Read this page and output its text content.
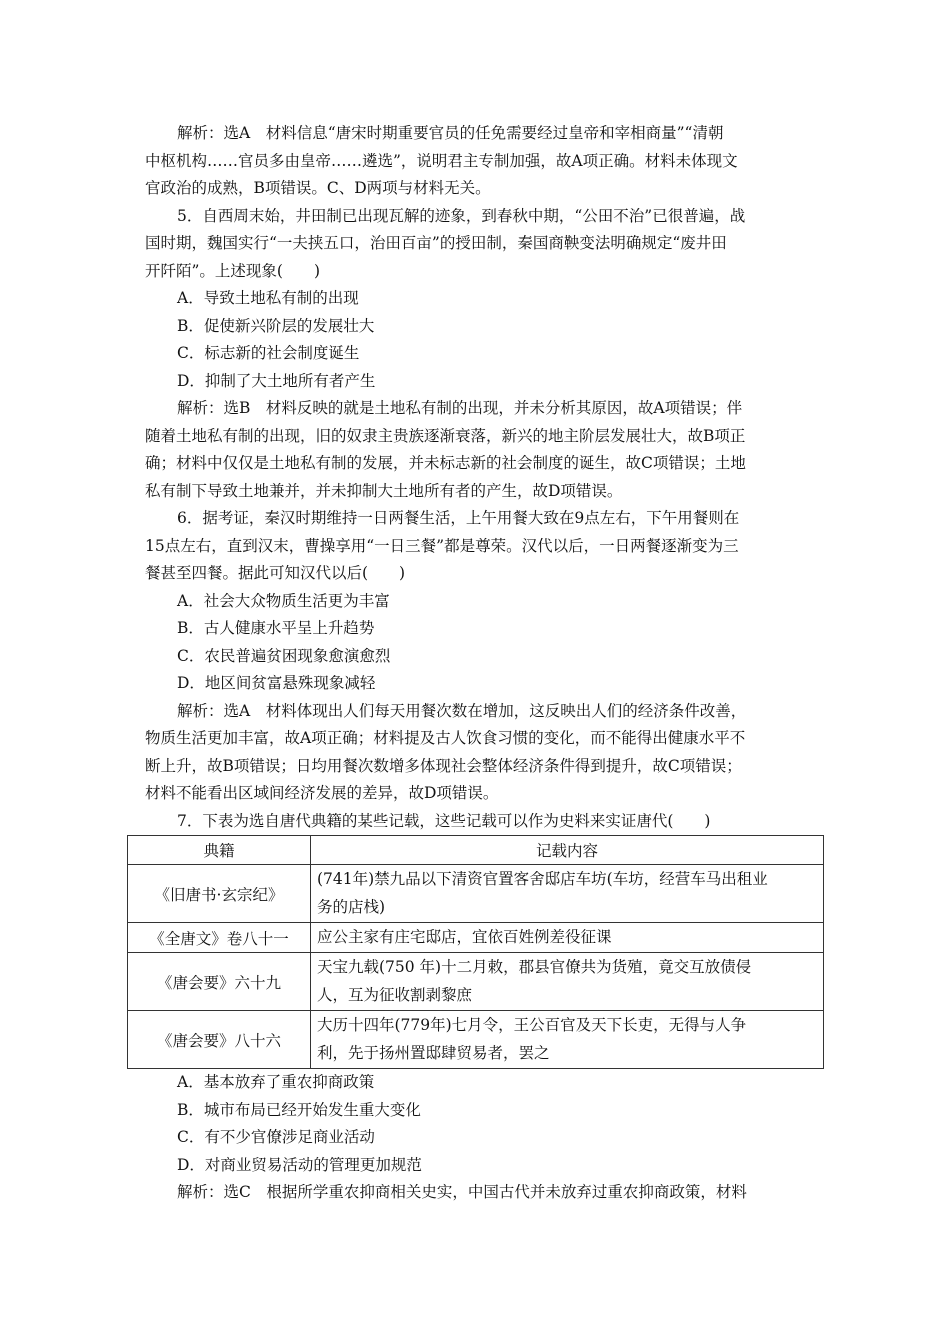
解析：选A　材料信息“唐宋时期重要官员的任免需要经过皇帝和宰相商量”“清朝
中枢机构……官员多由皇帝……遴选”，说明君主专制加强，故A项正确。材料未体现文
官政治的成熟，B项错误。C、D两项与材料无关。
5．自西周末始，井田制已出现瓦解的迹象，到春秋中期，“公田不治”已很普遍，战
国时期，魏国实行“一夫挟五口，治田百亩”的授田制，秦国商鞅变法明确规定“废井田
开阡陌”。上述现象(　　)
A．导致土地私有制的出现
B．促使新兴阶层的发展壮大
C．标志新的社会制度诞生
D．抑制了大土地所有者产生
解析：选B　材料反映的就是土地私有制的出现，并未分析其原因，故A项错误；伴
随着土地私有制的出现，旧的奴隶主贵族逐渐衰落，新兴的地主阶层发展壮大，故B项正
确；材料中仅仅是土地私有制的发展，并未标志新的社会制度的诞生，故C项错误；土地
私有制下导致土地兼并，并未抑制大土地所有者的产生，故D项错误。
6．据考证，秦汉时期维持一日两餐生活，上午用餐大致在9点左右，下午用餐则在
15点左右，直到汉末，曹操享用“一日三餐”都是尊荣。汉代以后，一日两餐逐渐变为三
餐甚至四餐。据此可知汉代以后(　　)
A．社会大众物质生活更为丰富
B．古人健康水平呈上升趋势
C．农民普遍贫困现象愈演愈烈
D．地区间贫富悬殊现象减轻
解析：选A　材料体现出人们每天用餐次数在增加，这反映出人们的经济条件改善，
物质生活更加丰富，故A项正确；材料提及古人饮食习惯的变化，而不能得出健康水平不
断上升，故B项错误；日均用餐次数增多体现社会整体经济条件得到提升，故C项错误；
材料不能看出区域间经济发展的差异，故D项错误。
7．下表为选自唐代典籍的某些记载，这些记载可以作为史料来实证唐代(　　)
典籍	记载内容
《旧唐书·玄宗纪》	(741年)禁九品以下清资官置客舍邸店车坊(车坊，经营车马出租业
务的店栈)

《全唐文》卷八十一	应公主家有庄宅邸店，宜依百姓例差役征课

《唐会要》六十九	天宝九载(750 年)十二月敕，郡县官僚共为货殖，竟交互放债侵
人，互为征收割剥黎庶

《唐会要》八十六	大历十四年(779年)七月令，王公百官及天下长吏，无得与人争
利，先于扬州置邸肆贸易者，罢之
A．基本放弃了重农抑商政策
B．城市布局已经开始发生重大变化
C．有不少官僚涉足商业活动
D．对商业贸易活动的管理更加规范
解析：选C　根据所学重农抑商相关史实，中国古代并未放弃过重农抑商政策，材料
